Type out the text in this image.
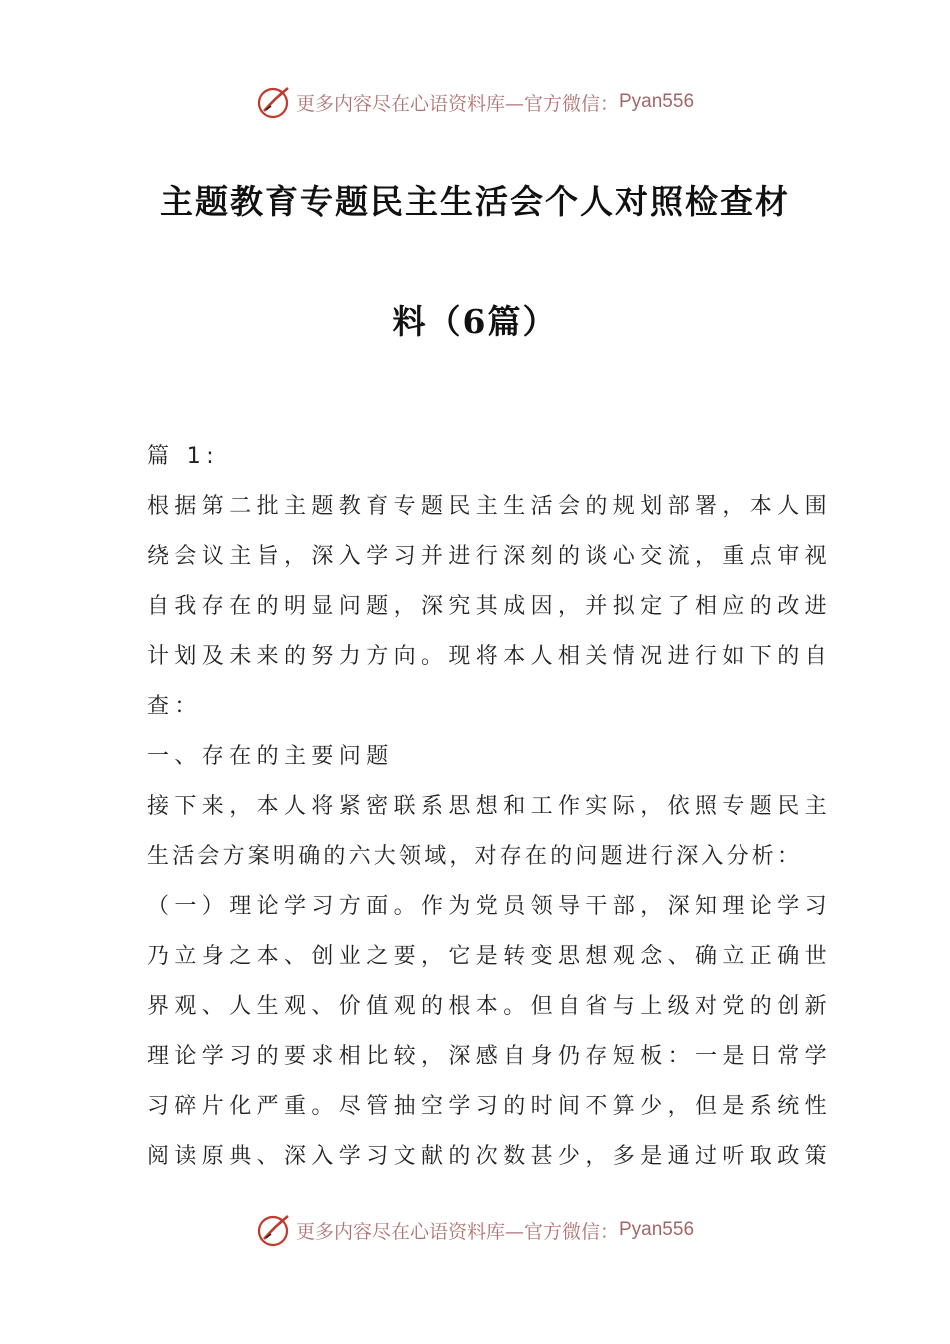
更多内容尽在心语资料库—官方微信： Pyan556
主题教育专题民主生活会个人对照检查材
料（6篇）
篇 1:
根据第二批主题教育专题民主生活会的规划部署，本人围
绕会议主旨，深入学习并进行深刻的谈心交流，重点审视
自我存在的明显问题，深究其成因，并拟定了相应的改进
计划及未来的努力方向。现将本人相关情况进行如下的自
查：
一、存在的主要问题
接下来，本人将紧密联系思想和工作实际，依照专题民主
生活会方案明确的六大领域，对存在的问题进行深入分析：
（一）理论学习方面。作为党员领导干部，深知理论学习
乃立身之本、创业之要，它是转变思想观念、确立正确世
界观、人生观、价值观的根本。但自省与上级对党的创新
理论学习的要求相比较，深感自身仍存短板：一是日常学
习碎片化严重。尽管抽空学习的时间不算少，但是系统性
阅读原典、深入学习文献的次数甚少，多是通过听取政策
更多内容尽在心语资料库—官方微信： Pyan556
